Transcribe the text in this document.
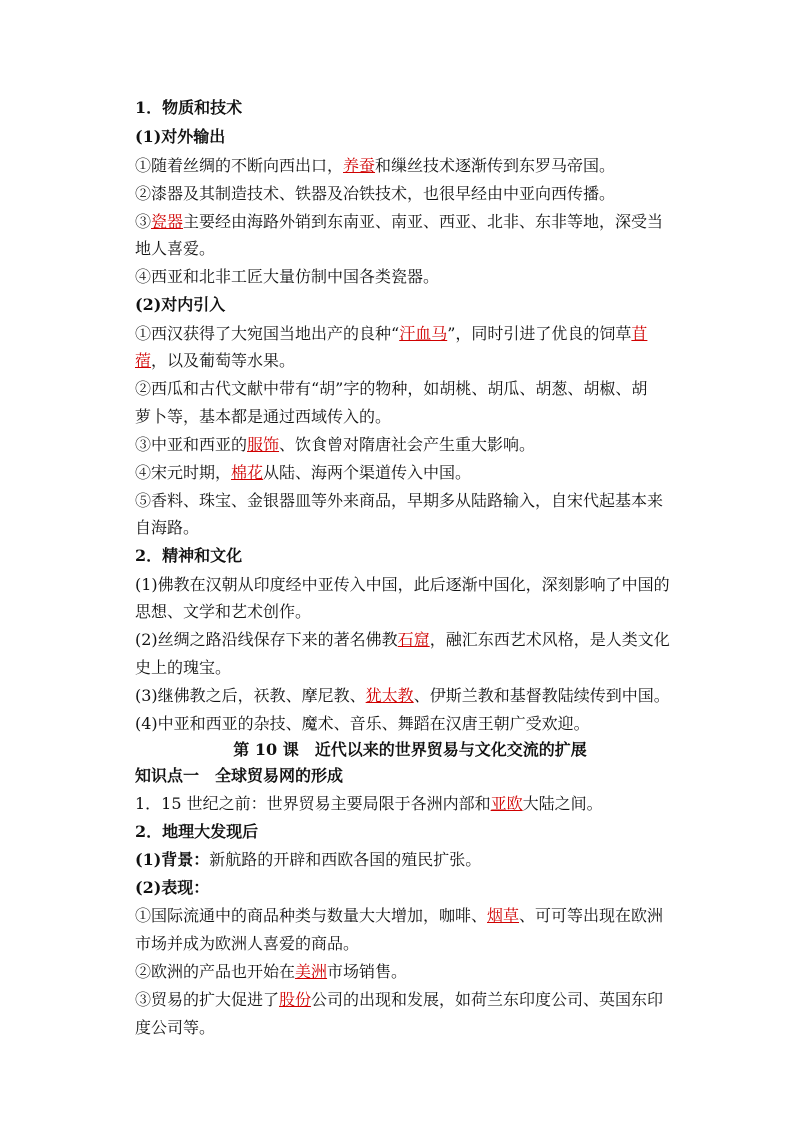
1．物质和技术
(1)对外输出
①随着丝绸的不断向西出口，养蚕和缫丝技术逐渐传到东罗马帝国。
②漆器及其制造技术、铁器及冶铁技术，也很早经由中亚向西传播。
③瓷器主要经由海路外销到东南亚、南亚、西亚、北非、东非等地，深受当
地人喜爱。
④西亚和北非工匠大量仿制中国各类瓷器。
(2)对内引入
①西汉获得了大宛国当地出产的良种“汗血马”，同时引进了优良的饲草苜
蓿，以及葡萄等水果。
②西瓜和古代文献中带有“胡”字的物种，如胡桃、胡瓜、胡葱、胡椒、胡
萝卜等，基本都是通过西域传入的。
③中亚和西亚的服饰、饮食曾对隋唐社会产生重大影响。
④宋元时期，棉花从陆、海两个渠道传入中国。
⑤香料、珠宝、金银器皿等外来商品，早期多从陆路输入，自宋代起基本来
自海路。
2．精神和文化
(1)佛教在汉朝从印度经中亚传入中国，此后逐渐中国化，深刻影响了中国的
思想、文学和艺术创作。
(2)丝绸之路沿线保存下来的著名佛教石窟，融汇东西艺术风格，是人类文化
史上的瑰宝。
(3)继佛教之后，祆教、摩尼教、犹太教、伊斯兰教和基督教陆续传到中国。
(4)中亚和西亚的杂技、魔术、音乐、舞蹈在汉唐王朝广受欢迎。
第 10 课　近代以来的世界贸易与文化交流的扩展
知识点一　全球贸易网的形成
1．15 世纪之前：世界贸易主要局限于各洲内部和亚欧大陆之间。
2．地理大发现后
(1)背景：新航路的开辟和西欧各国的殖民扩张。
(2)表现：
①国际流通中的商品种类与数量大大增加，咖啡、烟草、可可等出现在欧洲
市场并成为欧洲人喜爱的商品。
②欧洲的产品也开始在美洲市场销售。
③贸易的扩大促进了股份公司的出现和发展，如荷兰东印度公司、英国东印
度公司等。
